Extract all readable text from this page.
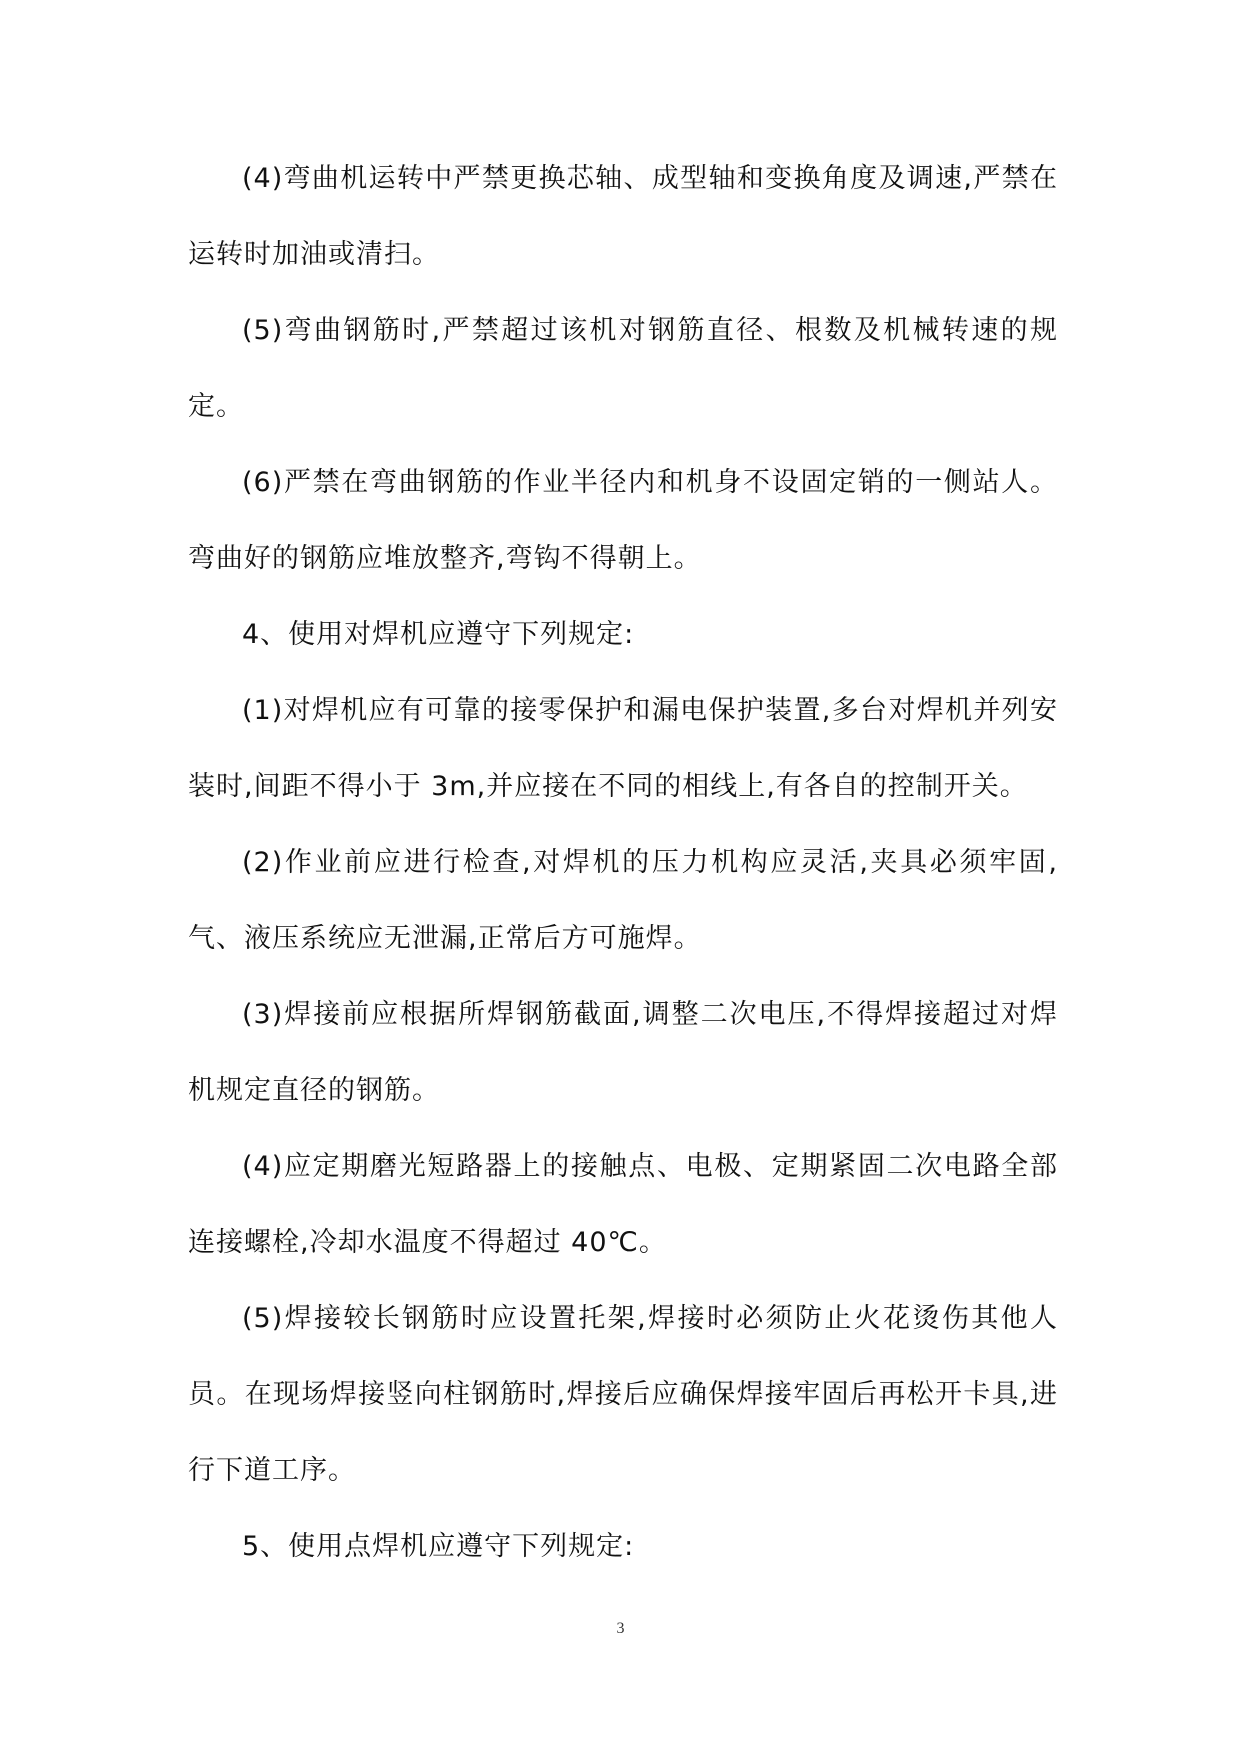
(4)弯曲机运转中严禁更换芯轴、成型轴和变换角度及调速,严禁在运转时加油或清扫。

(5)弯曲钢筋时,严禁超过该机对钢筋直径、根数及机械转速的规定。

(6)严禁在弯曲钢筋的作业半径内和机身不设固定销的一侧站人。弯曲好的钢筋应堆放整齐,弯钩不得朝上。

4、使用对焊机应遵守下列规定:

(1)对焊机应有可靠的接零保护和漏电保护装置,多台对焊机并列安装时,间距不得小于 3m,并应接在不同的相线上,有各自的控制开关。

(2)作业前应进行检查,对焊机的压力机构应灵活,夹具必须牢固,气、液压系统应无泄漏,正常后方可施焊。

(3)焊接前应根据所焊钢筋截面,调整二次电压,不得焊接超过对焊机规定直径的钢筋。

(4)应定期磨光短路器上的接触点、电极、定期紧固二次电路全部连接螺栓,冷却水温度不得超过 40℃。

(5)焊接较长钢筋时应设置托架,焊接时必须防止火花烫伤其他人员。在现场焊接竖向柱钢筋时,焊接后应确保焊接牢固后再松开卡具,进行下道工序。

5、使用点焊机应遵守下列规定:

3
